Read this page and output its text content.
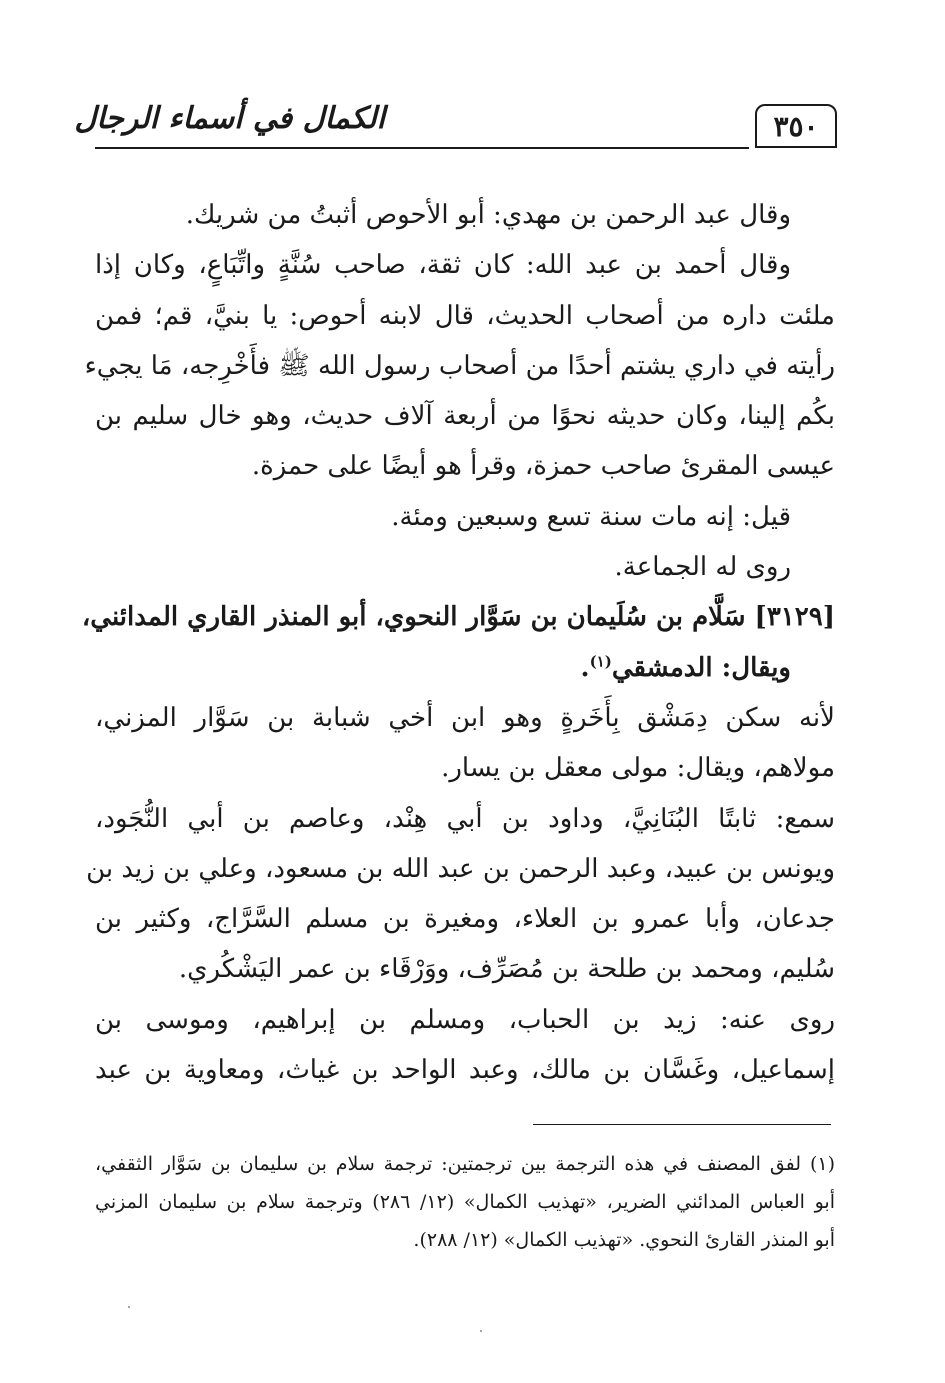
الكمال في أسماء الرجال	٣٥٠
وقال عبد الرحمن بن مهدي: أبو الأحوص أثبتُ من شريك.
وقال أحمد بن عبد الله: كان ثقة، صاحب سُنَّةٍ واتِّبَاعٍ، وكان إذا
ملئت داره من أصحاب الحديث، قال لابنه أحوص: يا بنيَّ، قم؛ فمن
رأيته في داري يشتم أحدًا من أصحاب رسول الله ﷺ فأَخْرِجه، مَا يجيء
بكُم إلينا، وكان حديثه نحوًا من أربعة آلاف حديث، وهو خال سليم بن
عيسى المقرئ صاحب حمزة، وقرأ هو أيضًا على حمزة.
قيل: إنه مات سنة تسع وسبعين ومئة.
روى له الجماعة.
[٣١٢٩] سَلَّام بن سُلَيمان بن سَوَّار النحوي، أبو المنذر القاري المدائني،
ويقال: الدمشقي$^{(١)}$.
لأنه سكن دِمَشْق بِأَخَرةٍ وهو ابن أخي شبابة بن سَوَّار المزني،
مولاهم، ويقال: مولى معقل بن يسار.
سمع: ثابتًا البُنَانِيَّ، وداود بن أبي هِنْد، وعاصم بن أبي النُّجَود،
ويونس بن عبيد، وعبد الرحمن بن عبد الله بن مسعود، وعلي بن زيد بن
جدعان، وأبا عمرو بن العلاء، ومغيرة بن مسلم السَّرَّاج، وكثير بن
سُليم، ومحمد بن طلحة بن مُصَرِّف، ووَرْقَاء بن عمر اليَشْكُري.
روى عنه: زيد بن الحباب، ومسلم بن إبراهيم، وموسى بن
إسماعيل، وغَسَّان بن مالك، وعبد الواحد بن غياث، ومعاوية بن عبد
(١) لفق المصنف في هذه الترجمة بين ترجمتين: ترجمة سلام بن سليمان بن سَوَّار الثقفي،
أبو العباس المدائني الضرير، «تهذيب الكمال» (١٢/ ٢٨٦) وترجمة سلام بن سليمان المزني
أبو المنذر القارئ النحوي. «تهذيب الكمال» (١٢/ ٢٨٨).
